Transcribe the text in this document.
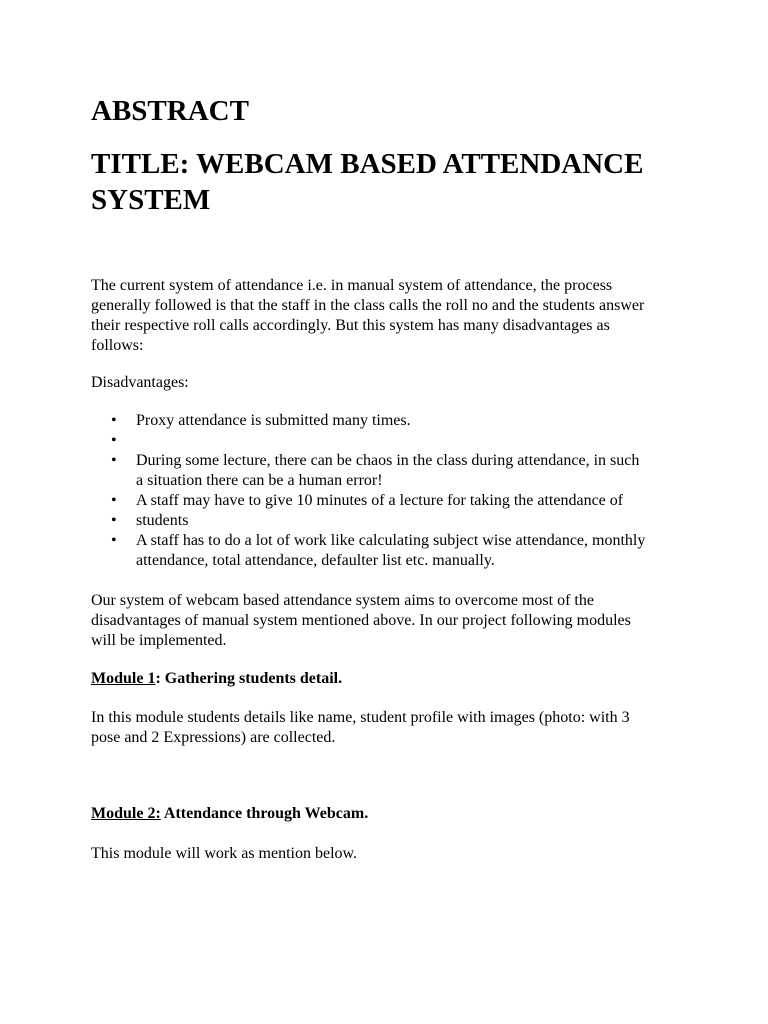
ABSTRACT
TITLE: WEBCAM BASED ATTENDANCE
SYSTEM

The current system of attendance i.e. in manual system of attendance, the process
generally followed is that the staff in the class calls the roll no and the students answer
their respective roll calls accordingly. But this system has many disadvantages as
follows:

Disadvantages:

• Proxy attendance is submitted many times.
•
• During some lecture, there can be chaos in the class during attendance, in such
a situation there can be a human error!
• A staff may have to give 10 minutes of a lecture for taking the attendance of
• students
• A staff has to do a lot of work like calculating subject wise attendance, monthly
attendance, total attendance, defaulter list etc. manually.

Our system of webcam based attendance system aims to overcome most of the
disadvantages of manual system mentioned above. In our project following modules
will be implemented.

Module 1: Gathering students detail.

In this module students details like name, student profile with images (photo: with 3
pose and 2 Expressions) are collected.

Module 2: Attendance through Webcam.

This module will work as mention below.
